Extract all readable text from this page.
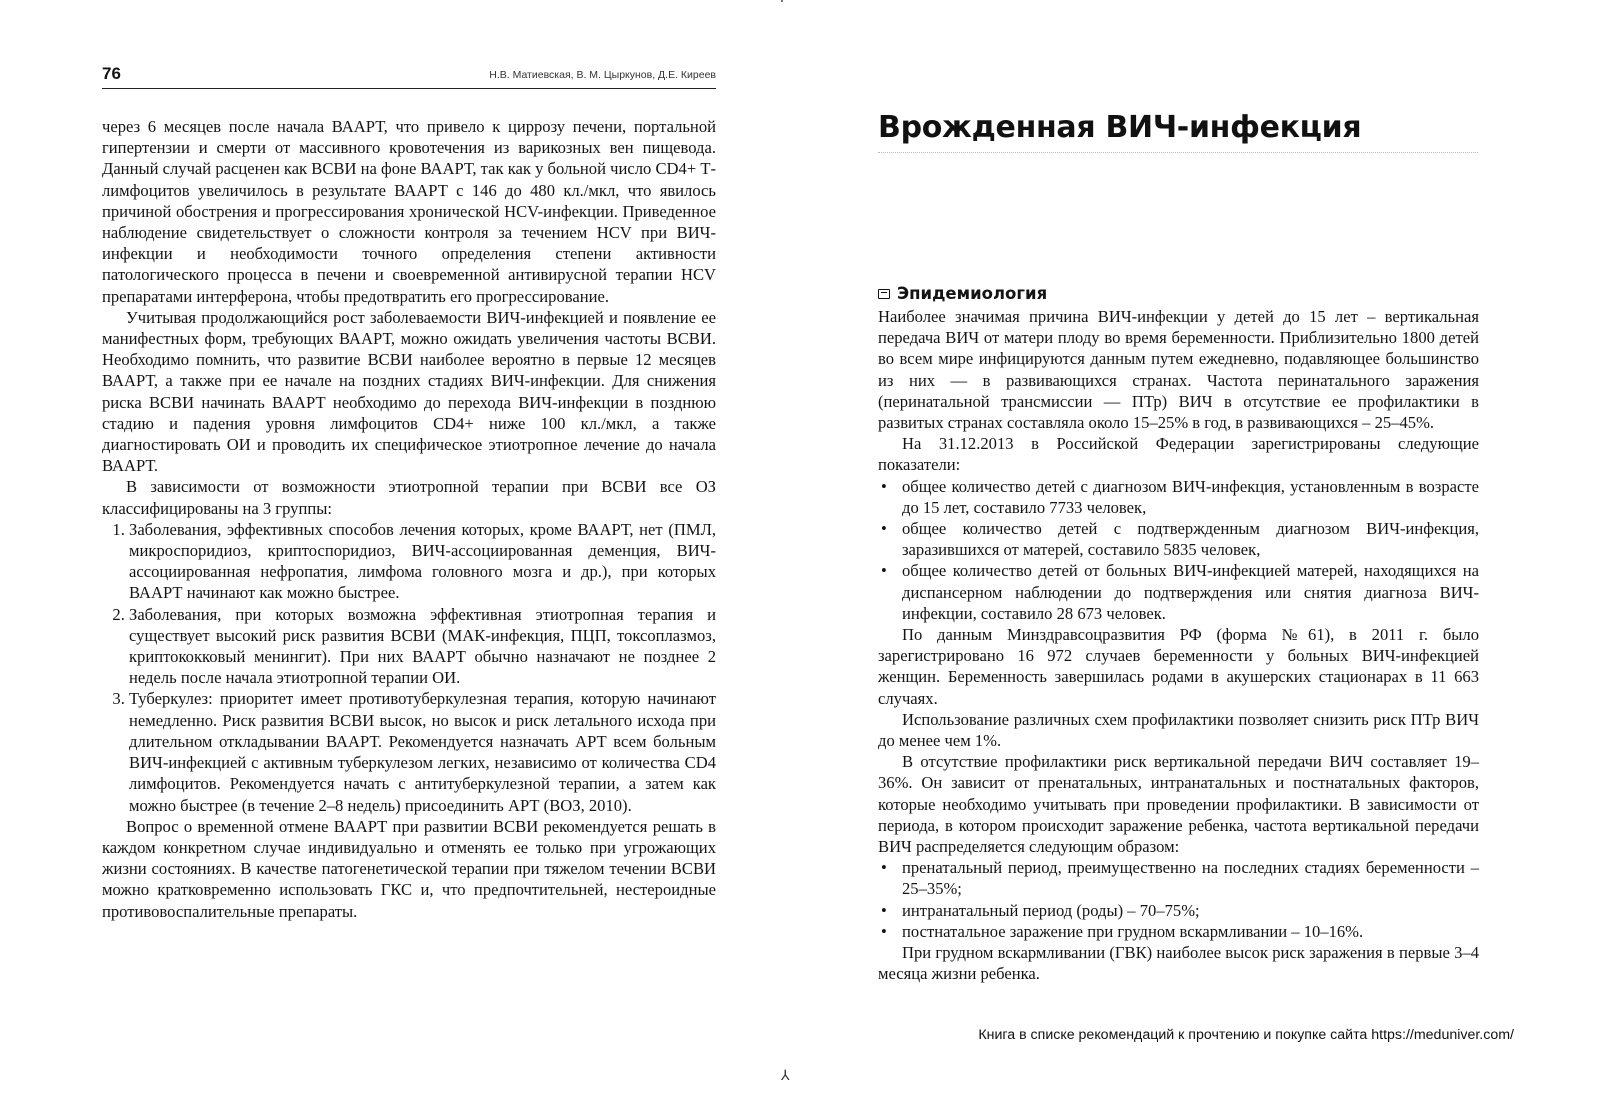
76	Н.В. Матиевская, В. М. Цыркунов, Д.Е. Киреев

через 6 месяцев после начала ВААРТ, что привело к циррозу печени, портальной гипертензии и смерти от массивного кровотечения из варикозных вен пищевода. Данный случай расценен как ВСВИ на фоне ВААРТ, так как у больной число CD4+ Т-лимфоцитов увеличилось в результате ВААРТ с 146 до 480 кл./мкл, что явилось причиной обострения и прогрессирования хронической HCV-инфекции. Приведенное наблюдение свидетельствует о сложности контроля за течением HCV при ВИЧ-инфекции и необходимости точного определения степени активности патологического процесса в печени и своевременной антивирусной терапии HCV препаратами интерферона, чтобы предотвратить его прогрессирование.

Учитывая продолжающийся рост заболеваемости ВИЧ-инфекцией и появление ее манифестных форм, требующих ВААРТ, можно ожидать увеличения частоты ВСВИ. Необходимо помнить, что развитие ВСВИ наиболее вероятно в первые 12 месяцев ВААРТ, а также при ее начале на поздних стадиях ВИЧ-инфекции. Для снижения риска ВСВИ начинать ВААРТ необходимо до перехода ВИЧ-инфекции в позднюю стадию и падения уровня лимфоцитов CD4+ ниже 100 кл./мкл, а также диагностировать ОИ и проводить их специфическое этиотропное лечение до начала ВААРТ.

В зависимости от возможности этиотропной терапии при ВСВИ все ОЗ классифицированы на 3 группы:

1. Заболевания, эффективных способов лечения которых, кроме ВААРТ, нет (ПМЛ, микроспоридиоз, криптоспоридиоз, ВИЧ-ассоциированная деменция, ВИЧ-ассоциированная нефропатия, лимфома головного мозга и др.), при которых ВААРТ начинают как можно быстрее.
2. Заболевания, при которых возможна эффективная этиотропная терапия и существует высокий риск развития ВСВИ (МАК-инфекция, ПЦП, токсоплазмоз, криптококковый менингит). При них ВААРТ обычно назначают не позднее 2 недель после начала этиотропной терапии ОИ.
3. Туберкулез: приоритет имеет противотуберкулезная терапия, которую начинают немедленно. Риск развития ВСВИ высок, но высок и риск летального исхода при длительном откладывании ВААРТ. Рекомендуется назначать АРТ всем больным ВИЧ-инфекцией с активным туберкулезом легких, независимо от количества CD4 лимфоцитов. Рекомендуется начать с антитуберкулезной терапии, а затем как можно быстрее (в течение 2–8 недель) присоединить АРТ (ВОЗ, 2010).

Вопрос о временной отмене ВААРТ при развитии ВСВИ рекомендуется решать в каждом конкретном случае индивидуально и отменять ее только при угрожающих жизни состояниях. В качестве патогенетической терапии при тяжелом течении ВСВИ можно кратковременно использовать ГКС и, что предпочтительней, нестероидные противовоспалительные препараты.

Врожденная ВИЧ-инфекция
Эпидемиология

Наиболее значимая причина ВИЧ-инфекции у детей до 15 лет – вертикальная передача ВИЧ от матери плоду во время беременности. Приблизительно 1800 детей во всем мире инфицируются данным путем ежедневно, подавляющее большинство из них — в развивающихся странах. Частота перинатального заражения (перинатальной трансмиссии — ПТр) ВИЧ в отсутствие ее профилактики в развитых странах составляла около 15–25% в год, в развивающихся – 25–45%.

На 31.12.2013 в Российской Федерации зарегистрированы следующие показатели:

• общее количество детей с диагнозом ВИЧ-инфекция, установленным в возрасте до 15 лет, составило 7733 человек,
• общее количество детей с подтвержденным диагнозом ВИЧ-инфекция, заразившихся от матерей, составило 5835 человек,
• общее количество детей от больных ВИЧ-инфекцией матерей, находящихся на диспансерном наблюдении до подтверждения или снятия диагноза ВИЧ-инфекции, составило 28 673 человек.

По данным Минздравсоцразвития РФ (форма №61), в 2011 г. было зарегистрировано 16 972 случаев беременности у больных ВИЧ-инфекцией женщин. Беременность завершилась родами в акушерских стационарах в 11 663 случаях.

Использование различных схем профилактики позволяет снизить риск ПТр ВИЧ до менее чем 1%.

В отсутствие профилактики риск вертикальной передачи ВИЧ составляет 19–36%. Он зависит от пренатальных, интранатальных и постнатальных факторов, которые необходимо учитывать при проведении профилактики. В зависимости от периода, в котором происходит заражение ребенка, частота вертикальной передачи ВИЧ распределяется следующим образом:

• пренатальный период, преимущественно на последних стадиях беременности – 25–35%;
• интранатальный период (роды) – 70–75%;
• постнатальное заражение при грудном вскармливании – 10–16%.

При грудном вскармливании (ГВК) наиболее высок риск заражения в первые 3–4 месяца жизни ребенка.

Книга в списке рекомендаций к прочтению и покупке сайта https://meduniver.com/
⅄
